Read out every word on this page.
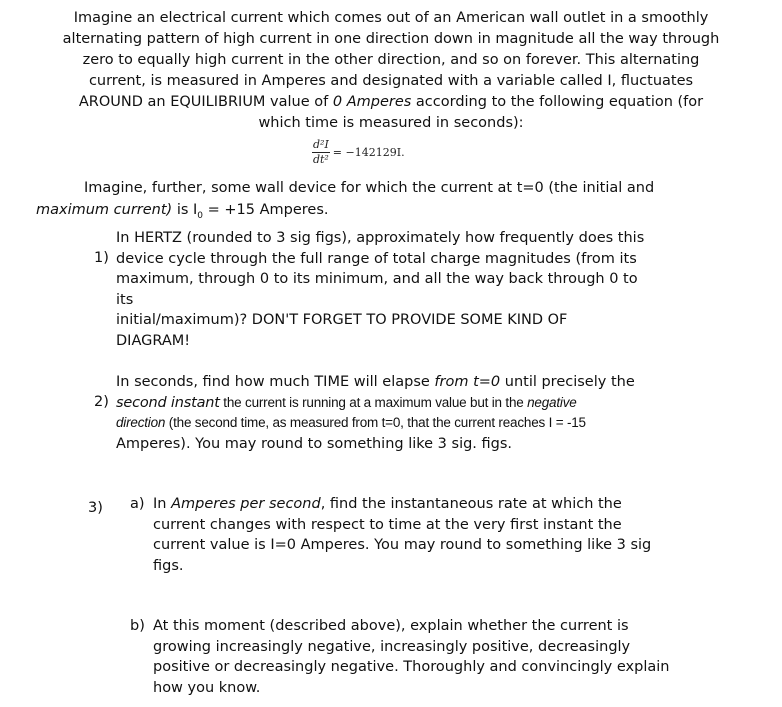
Imagine an electrical current which comes out of an American wall outlet in a smoothly
alternating pattern of high current in one direction down in magnitude all the way through
zero to equally high current in the other direction, and so on forever. This alternating
current, is measured in Amperes and designated with a variable called I, fluctuates
AROUND an EQUILIBRIUM value of 0 Amperes according to the following equation (for
which time is measured in seconds):
$\frac{\text{d²I}}{\text{dt²}} = -142129I$.
Imagine, further, some wall device for which the current at t=0 (the initial and
maximum current) is $I_0 = +15$ Amperes.
1)
In HERTZ (rounded to 3 sig figs), approximately how frequently does this
device cycle through the full range of total charge magnitudes (from its
maximum, through 0 to its minimum, and all the way back through 0 to its
initial/maximum)? DON'T FORGET TO PROVIDE SOME KIND OF
DIAGRAM!
2)
In seconds, find how much TIME will elapse from t=0 until precisely the
second instant the current is running at a maximum value but in the negative
direction (the second time, as measured from t=0, that the current reaches I = -15
Amperes). You may round to something like 3 sig. figs.
3) a) In Amperes per second, find the instantaneous rate at which the
current changes with respect to time at the very first instant the
current value is I=0 Amperes. You may round to something like 3 sig
figs.
b) At this moment (described above), explain whether the current is
growing increasingly negative, increasingly positive, decreasingly
positive or decreasingly negative. Thoroughly and convincingly explain
how you know.
